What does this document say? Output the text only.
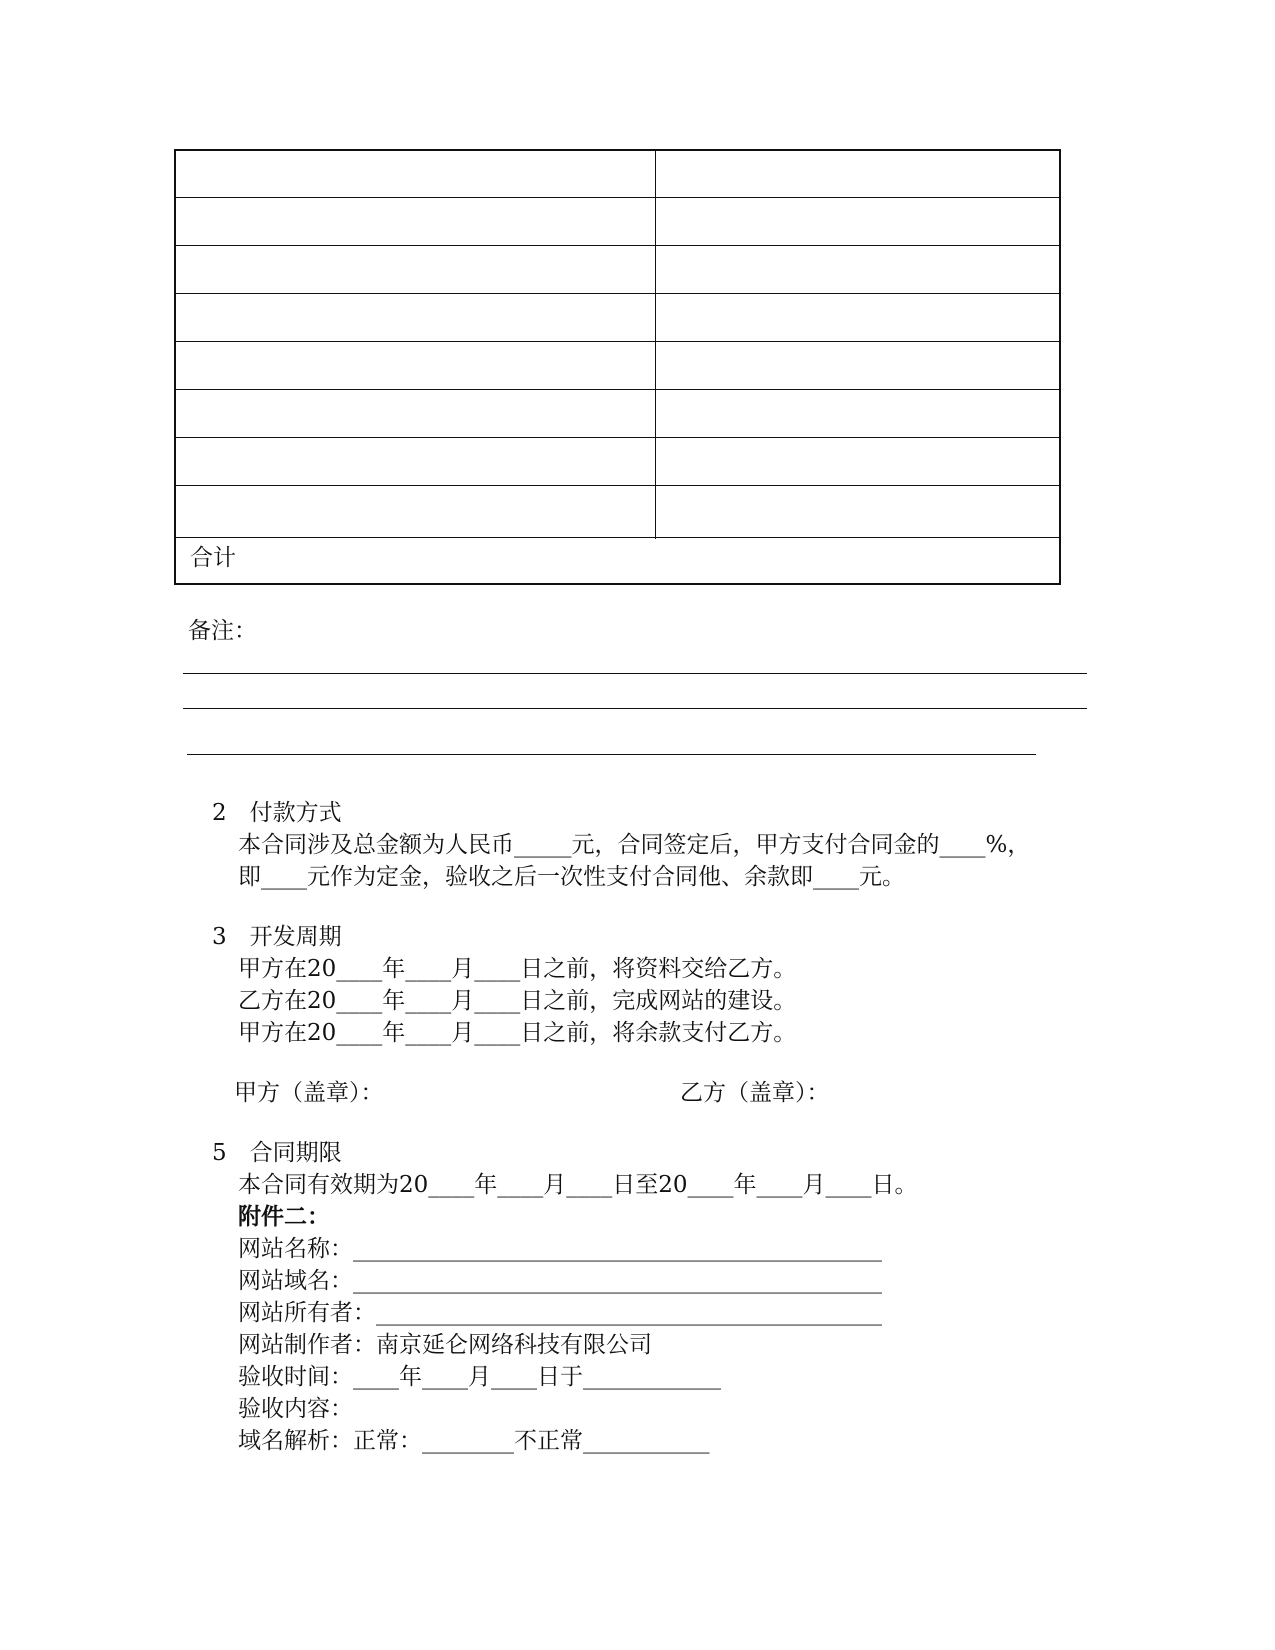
合计
备注：
2　付款方式
本合同涉及总金额为人民币_____元，合同签定后，甲方支付合同金的____%，
即____元作为定金，验收之后一次性支付合同他、余款即____元。
3　开发周期
甲方在20____年____月____日之前，将资料交给乙方。
乙方在20____年____月____日之前，完成网站的建设。
甲方在20____年____月____日之前，将余款支付乙方。
甲方（盖章）：	乙方（盖章）：
5　合同期限
本合同有效期为20____年____月____日至20____年____月____日。
附件二：
网站名称：______________________________________________
网站域名：______________________________________________
网站所有者：____________________________________________
网站制作者：南京延仑网络科技有限公司
验收时间：____年____月____日于____________
验收内容：
域名解析：正常：________不正常___________
